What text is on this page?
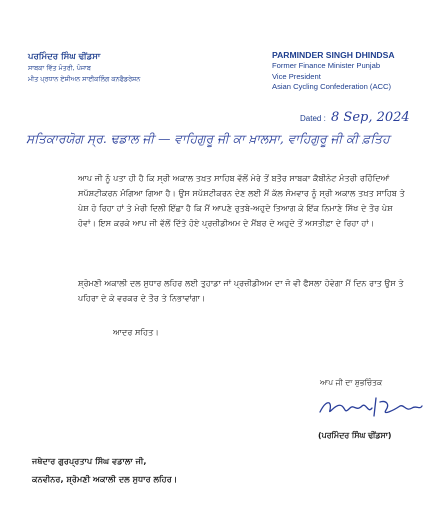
ਪਰਮਿੰਦਰ ਸਿੰਘ ਢੀਂਡਸਾ
ਸਾਬਕਾ ਵਿੱਤ ਮੰਤਰੀ, ਪੰਜਾਬ
ਮੀਤ ਪ੍ਰਧਾਨ ਏਸ਼ੀਅਨ ਸਾਈਕਲਿੰਗ ਕਨਫੈਡਰੇਸ਼ਨ
PARMINDER SINGH DHINDSA
Former Finance Minister Punjab
Vice President
Asian Cycling Confederation (ACC)
Dated : 8 Sep, 2024
ਸਤਿਕਾਰਯੋਗ ਸ੍ਰ. ਢਡਾਲ ਜੀ — ਵਾਹਿਗੁਰੂ ਜੀ ਕਾ ਖ਼ਾਲਸਾ, ਵਾਹਿਗੁਰੂ ਜੀ ਕੀ ਫ਼ਤਿਹ
ਆਪ ਜੀ ਨੂੰ ਪਤਾ ਹੀ ਹੈ ਕਿ ਸ੍ਰੀ ਅਕਾਲ ਤਖ਼ਤ ਸਾਹਿਬ ਵੱਲੋਂ ਮੇਰੇ ਤੋਂ ਬਤੌਰ ਸਾਬਕਾ ਕੈਬੀਨੇਟ ਮੰਤਰੀ ਰਹਿੰਦਿਆਂ ਸਪੱਸ਼ਟੀਕਰਨ ਮੰਗਿਆ ਗਿਆ ਹੈ। ਉਸ ਸਪੱਸ਼ਟੀਕਰਨ ਦੇਣ ਲਈ ਮੈਂ ਕੱਲ ਸੋਮਵਾਰ ਨੂੰ ਸ੍ਰੀ ਅਕਾਲ ਤਖ਼ਤ ਸਾਹਿਬ ਤੇ ਪੇਸ਼ ਹੋ ਰਿਹਾ ਹਾਂ ਤੇ ਮੇਰੀ ਦਿਲੀ ਇੱਛਾ ਹੈ ਕਿ ਮੈਂ ਆਪਣੇ ਰੁਤਬੇ-ਅਹੁਦੇ ਤਿਆਗ ਕੇ ਇੱਕ ਨਿਮਾਣੇ ਸਿੱਖ ਦੇ ਤੌਰ ਪੇਸ਼ ਹੋਵਾਂ। ਇਸ ਕਰਕੇ ਆਪ ਜੀ ਵੱਲੋਂ ਦਿੱਤੇ ਹੋਏ ਪ੍ਰਜ਼ੀਡੀਅਮ ਦੇ ਮੈਂਬਰ ਦੇ ਅਹੁਦੇ ਤੋਂ ਅਸਤੀਫ਼ਾ ਦੇ ਰਿਹਾ ਹਾਂ।
ਸ਼੍ਰੋਮਣੀ ਅਕਾਲੀ ਦਲ ਸੁਧਾਰ ਲਹਿਰ ਲਈ ਤੁਹਾਡਾ ਜਾਂ ਪ੍ਰਜ਼ੀਡੀਅਮ ਦਾ ਜੋ ਵੀ ਫੈਸਲਾ ਹੋਵੇਗਾ ਮੈਂ ਦਿਨ ਰਾਤ ਉਸ ਤੇ ਪਹਿਰਾ ਦੇ ਕੇ ਵਰਕਰ ਦੇ ਤੌਰ ਤੇ ਨਿਭਾਵਾਂਗਾ।
ਆਦਰ ਸਹਿਤ।
ਆਪ ਜੀ ਦਾ ਸ਼ੁਭਚਿੰਤਕ
(ਪਰਮਿੰਦਰ ਸਿੰਘ ਢੀਂਡਸਾ)
ਜਥੇਦਾਰ ਗੁਰਪ੍ਰਤਾਪ ਸਿੰਘ ਵਡਾਲਾ ਜੀ,
ਕਨਵੀਨਰ, ਸ਼੍ਰੋਮਣੀ ਅਕਾਲੀ ਦਲ ਸੁਧਾਰ ਲਹਿਰ।
